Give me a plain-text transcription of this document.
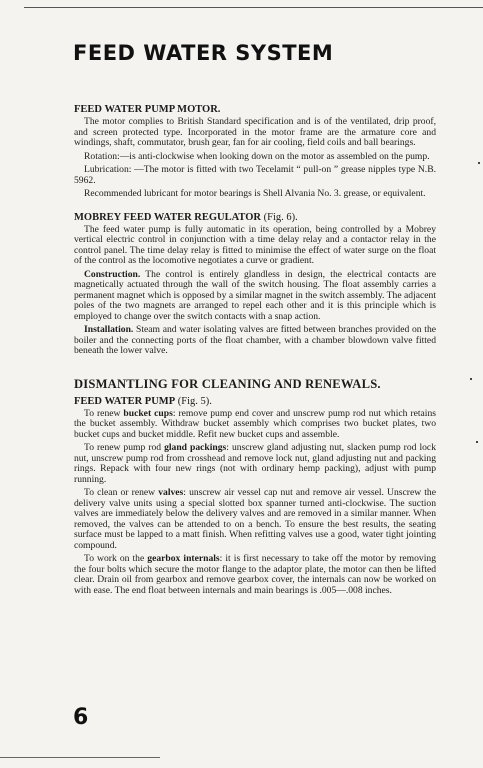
FEED WATER SYSTEM
FEED WATER PUMP MOTOR.

The motor complies to British Standard specification and is of the ventilated, drip proof, and screen protected type. Incorporated in the motor frame are the armature core and windings, shaft, commutator, brush gear, fan for air cooling, field coils and ball bearings.

Rotation:—is anti-clockwise when looking down on the motor as assembled on the pump.

Lubrication: —The motor is fitted with two Tecelamit “ pull-on ” grease nipples type N.B. 5962.

Recommended lubricant for motor bearings is Shell Alvania No. 3. grease, or equivalent.

MOBREY FEED WATER REGULATOR (Fig. 6).

The feed water pump is fully automatic in its operation, being controlled by a Mobrey vertical electric control in conjunction with a time delay relay and a contactor relay in the control panel. The time delay relay is fitted to minimise the effect of water surge on the float of the control as the locomotive negotiates a curve or gradient.

Construction. The control is entirely glandless in design, the electrical contacts are magnetically actuated through the wall of the switch housing. The float assembly carries a permanent magnet which is opposed by a similar magnet in the switch assembly. The adjacent poles of the two magnets are arranged to repel each other and it is this principle which is employed to change over the switch contacts with a snap action.

Installation. Steam and water isolating valves are fitted between branches provided on the boiler and the connecting ports of the float chamber, with a chamber blowdown valve fitted beneath the lower valve.

DISMANTLING FOR CLEANING AND RENEWALS.
FEED WATER PUMP (Fig. 5).

To renew bucket cups: remove pump end cover and unscrew pump rod nut which retains the bucket assembly. Withdraw bucket assembly which comprises two bucket plates, two bucket cups and bucket middle. Refit new bucket cups and assemble.

To renew pump rod gland packings: unscrew gland adjusting nut, slacken pump rod lock nut, unscrew pump rod from crosshead and remove lock nut, gland adjusting nut and packing rings. Repack with four new rings (not with ordinary hemp packing), adjust with pump running.

To clean or renew valves: unscrew air vessel cap nut and remove air vessel. Unscrew the delivery valve units using a special slotted box spanner turned anti-clockwise. The suction valves are immediately below the delivery valves and are removed in a similar manner. When removed, the valves can be attended to on a bench. To ensure the best results, the seating surface must be lapped to a matt finish. When refitting valves use a good, water tight jointing compound.

To work on the gearbox internals: it is first necessary to take off the motor by removing the four bolts which secure the motor flange to the adaptor plate, the motor can then be lifted clear. Drain oil from gearbox and remove gearbox cover, the internals can now be worked on with ease. The end float between internals and main bearings is .005—.008 inches.

6
